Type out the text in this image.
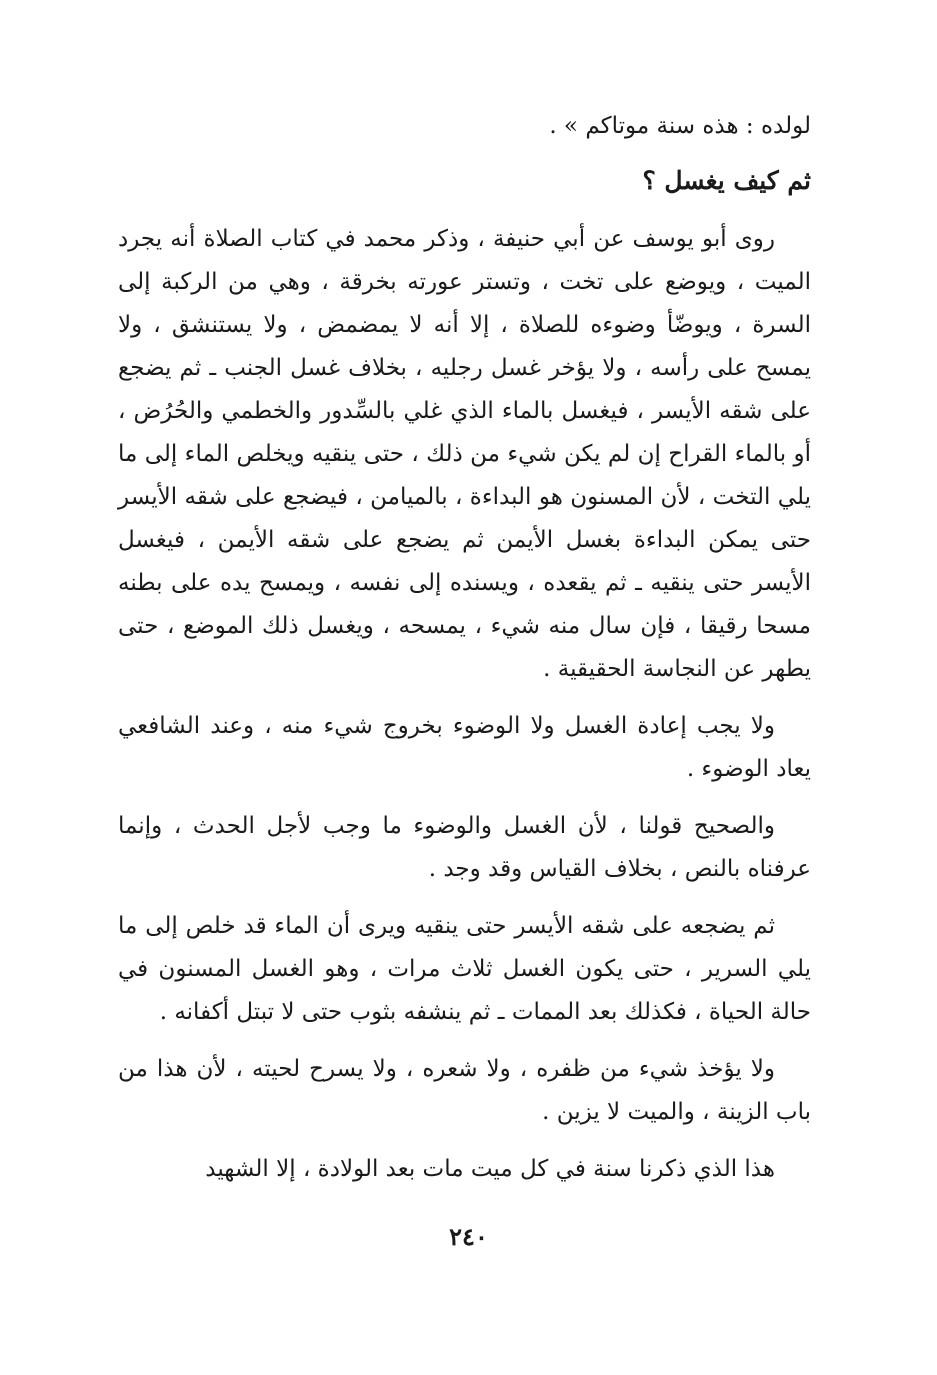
لولده : هذه سنة موتاكم » .

ثم كيف يغسل ؟

روى أبو يوسف عن أبي حنيفة ، وذكر محمد في كتاب الصلاة أنه يجرد الميت ، ويوضع على تخت ، وتستر عورته بخرقة ، وهي من الركبة إلى السرة ، ويوضّأ وضوءه للصلاة ، إلا أنه لا يمضمض ، ولا يستنشق ، ولا يمسح على رأسه ، ولا يؤخر غسل رجليه ، بخلاف غسل الجنب ـ ثم يضجع على شقه الأيسر ، فيغسل بالماء الذي غلي بالسِّدور والخطمي والحُرُض ، أو بالماء القراح إن لم يكن شيء من ذلك ، حتى ينقيه ويخلص الماء إلى ما يلي التخت ، لأن المسنون هو البداءة ، بالميامن ، فيضجع على شقه الأيسر حتى يمكن البداءة بغسل الأيمن ثم يضجع على شقه الأيمن ، فيغسل الأيسر حتى ينقيه ـ ثم يقعده ، ويسنده إلى نفسه ، ويمسح يده على بطنه مسحا رقيقا ، فإن سال منه شيء ، يمسحه ، ويغسل ذلك الموضع ، حتى يطهر عن النجاسة الحقيقية .

ولا يجب إعادة الغسل ولا الوضوء بخروج شيء منه ، وعند الشافعي يعاد الوضوء .

والصحيح قولنا ، لأن الغسل والوضوء ما وجب لأجل الحدث ، وإنما عرفناه بالنص ، بخلاف القياس وقد وجد .

ثم يضجعه على شقه الأيسر حتى ينقيه ويرى أن الماء قد خلص إلى ما يلي السرير ، حتى يكون الغسل ثلاث مرات ، وهو الغسل المسنون في حالة الحياة ، فكذلك بعد الممات ـ ثم ينشفه بثوب حتى لا تبتل أكفانه .

ولا يؤخذ شيء من ظفره ، ولا شعره ، ولا يسرح لحيته ، لأن هذا من باب الزينة ، والميت لا يزين .

هذا الذي ذكرنا سنة في كل ميت مات بعد الولادة ، إلا الشهيد

٢٤٠
